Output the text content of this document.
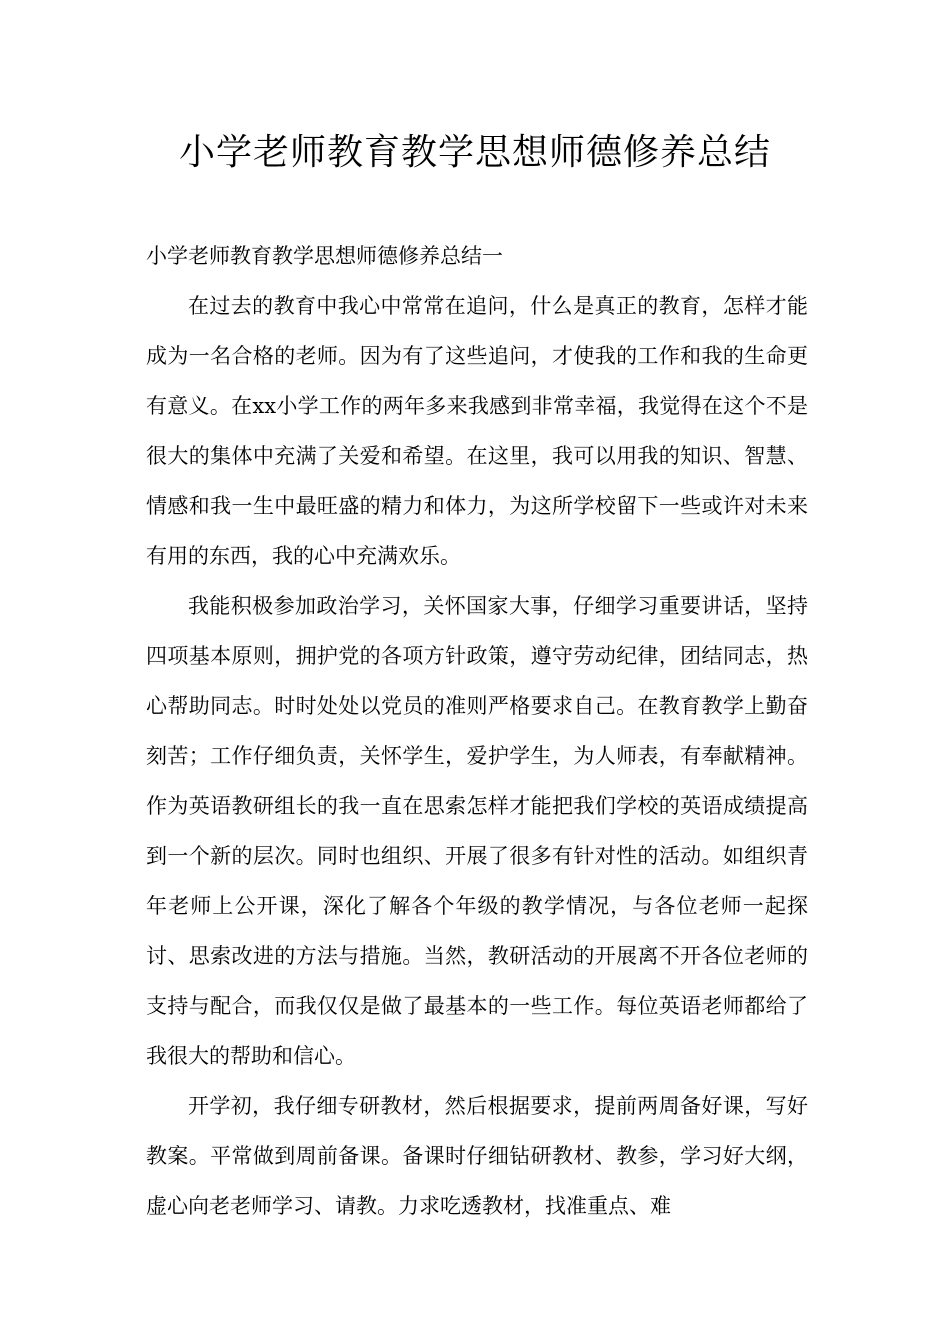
小学老师教育教学思想师德修养总结

小学老师教育教学思想师德修养总结一

在过去的教育中我心中常常在追问，什么是真正的教育，怎样才能成为一名合格的老师。因为有了这些追问，才使我的工作和我的生命更有意义。在xx小学工作的两年多来我感到非常幸福，我觉得在这个不是很大的集体中充满了关爱和希望。在这里，我可以用我的知识、智慧、情感和我一生中最旺盛的精力和体力，为这所学校留下一些或许对未来有用的东西，我的心中充满欢乐。

我能积极参加政治学习，关怀国家大事，仔细学习重要讲话，坚持四项基本原则，拥护党的各项方针政策，遵守劳动纪律，团结同志，热心帮助同志。时时处处以党员的准则严格要求自己。在教育教学上勤奋刻苦；工作仔细负责，关怀学生，爱护学生，为人师表，有奉献精神。作为英语教研组长的我一直在思索怎样才能把我们学校的英语成绩提高到一个新的层次。同时也组织、开展了很多有针对性的活动。如组织青年老师上公开课，深化了解各个年级的教学情况，与各位老师一起探讨、思索改进的方法与措施。当然，教研活动的开展离不开各位老师的支持与配合，而我仅仅是做了最基本的一些工作。每位英语老师都给了我很大的帮助和信心。

开学初，我仔细专研教材，然后根据要求，提前两周备好课，写好教案。平常做到周前备课。备课时仔细钻研教材、教参，学习好大纲，虚心向老老师学习、请教。力求吃透教材，找准重点、难
